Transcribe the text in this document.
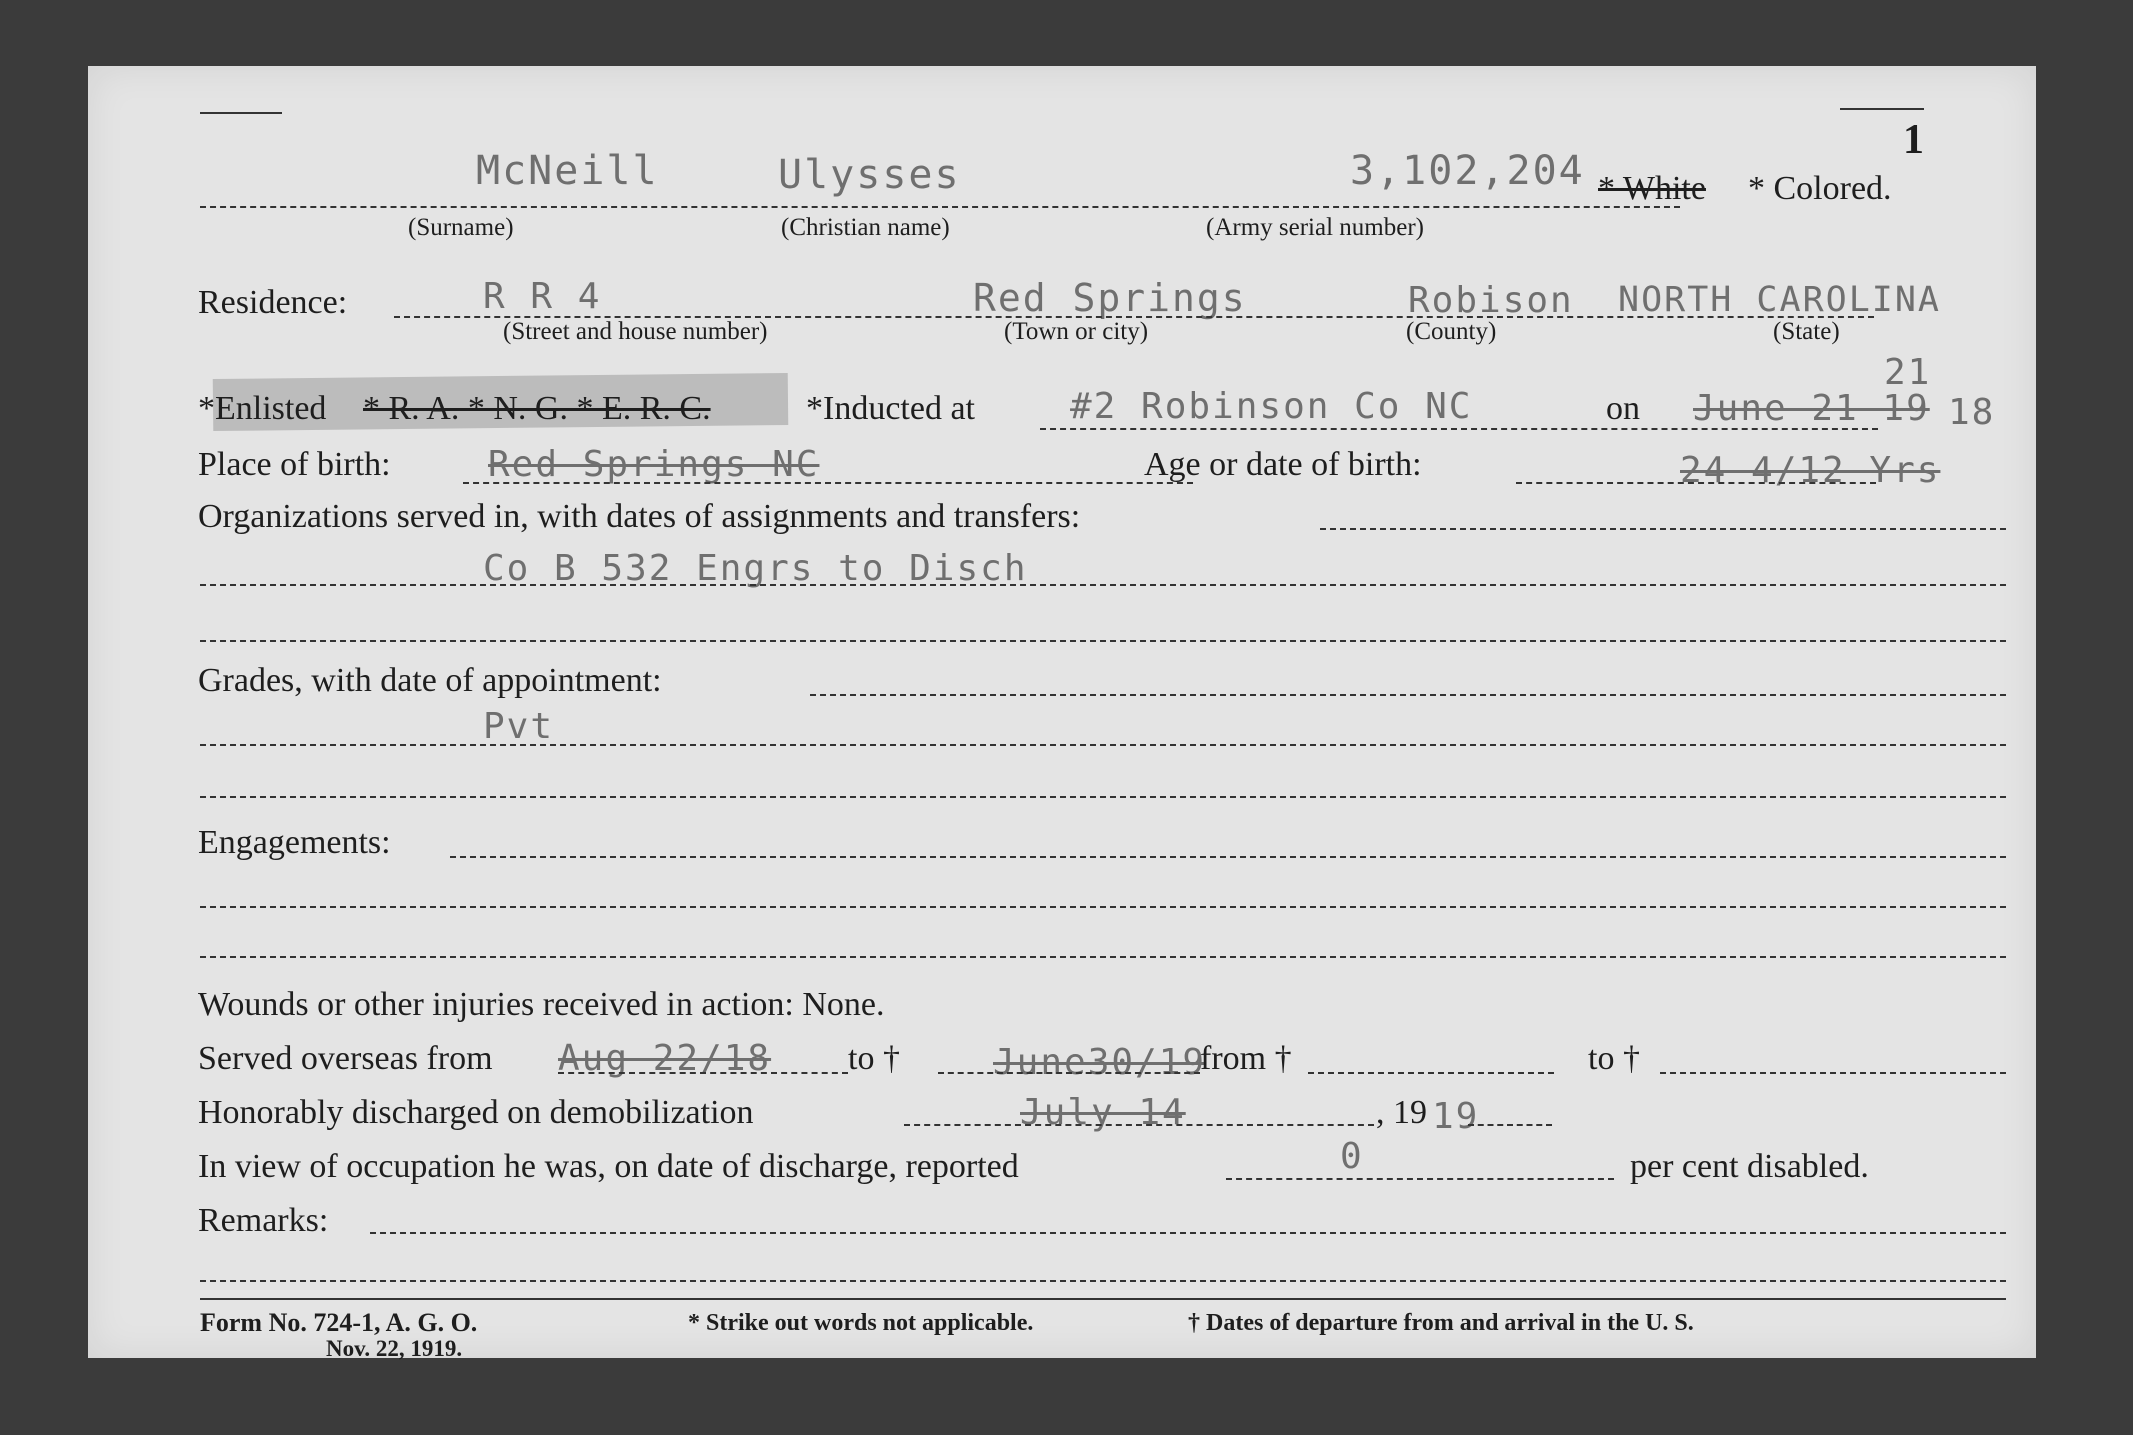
1
McNeill	Ulysses	3,102,204 * White * Colored.
(Surname)	(Christian name)	(Army serial number)
Residence:	R R 4	Red Springs	Robison NORTH CAROLINA
(Street and house number)	(Town or city)	(County)	(State)
*Enlisted * R. A. * N. G. * E. R. C.	*Inducted at	#2 Robinson Co NC	on June 21 19
21
18
Place of birth:	Red Springs NC	Age or date of birth:	24 4/12 Yrs
Organizations served in, with dates of assignments and transfers:
Co B 532 Engrs to Disch
Grades, with date of appointment:
Pvt
Engagements:
Wounds or other injuries received in action: None.
Served overseas from Aug 22/18 to †	June30/19
from †	to †
Honorably discharged on demobilization	July 14	, 19 19
In view of occupation he was, on date of discharge, reported	0	per cent disabled.
Remarks:
Form No. 724-1, A. G. O.
Nov. 22, 1919.
* Strike out words not applicable.	† Dates of departure from and arrival in the U. S.
